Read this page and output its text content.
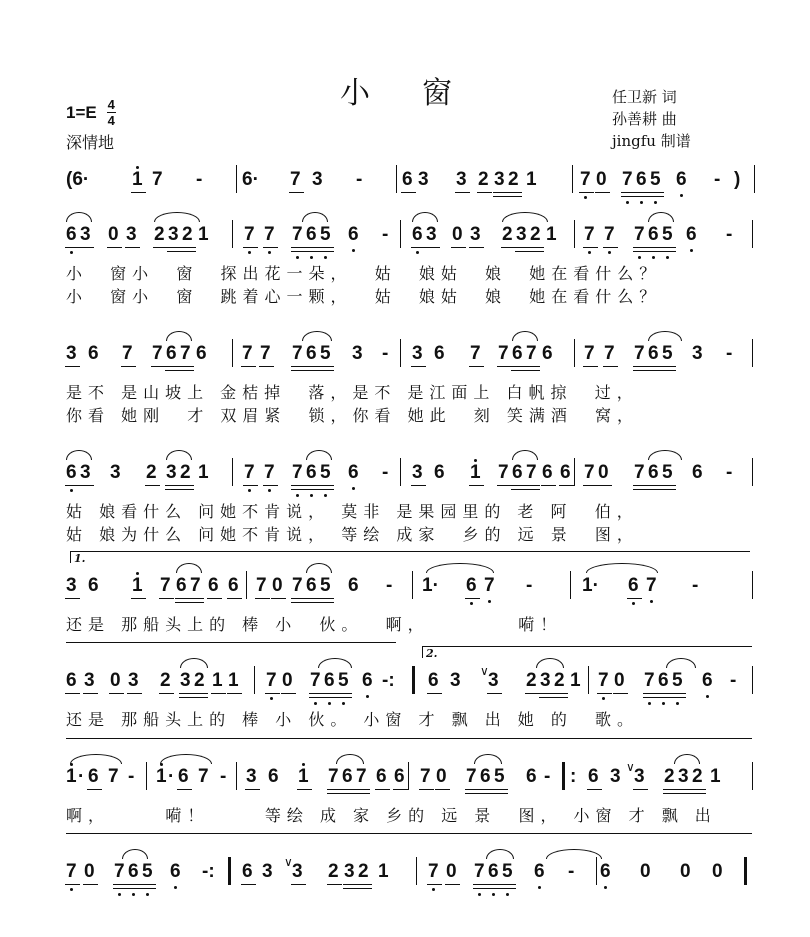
小窗
$1=E \frac{4}{4}$
深情地
任卫新 词
孙善耕 曲
jingfu 制谱
(6· 1 7 - 6· 7 3 - 6 3 3 2 3 2 1 7 0 7 6 5 6 - )
6 3 0 3 2 3 2 1 7 7 7 6 5 6 - 6 3 0 3 2 3 2 1 7 7 7 6 5 6 -
小  窗小  窗  探出花一朵，  姑  娘姑  娘  她在看什么？
小  窗小  窗  跳着心一颗，  姑  娘姑  娘  她在看什么？
3 6 7 7 6 7 6 7 7 7 6 5 3 - 3 6 7 7 6 7 6 7 7 7 6 5 3 -
是不 是山坡上 金桔掉  落，是不 是江面上 白帆掠  过，
你看 她刚  才 双眉紧  锁，你看 她此  刻 笑满酒  窝，
6 3 3 2 3 2 1 7 7 7 6 5 6 - 3 6 1 7 6 7 6 6 7 0 7 6 5 6 -
姑 娘看什么 问她不肯说， 莫非 是果园里的 老 阿  伯，
姑 娘为什么 问她不肯说， 等绘 成家  乡的 远 景  图，
1.
3 6 1 7 6 7 6 6 7 0 7 6 5 6 - 1· 6 7 -	1· 6 7 -
还是 那船头上的 棒 小  伙。  啊，        嗬！
2.
6 3 0 3 2 3 2 1 1 7 0 7 6 5 6 -: 6 3 ∨ 3 2 3 2 1 7 0 7 6 5 6 -
还是 那船头上的 棒 小 伙。 小窗 才 飘 出 她 的  歌。
1 · 6 7 - 1 · 6 7 - 3 6 1 7 6 7 6 6 7 0 7 6 5 6 - : 6 3 ∨ 3 2 3 2 1
啊，     嗬！     等绘 成 家 乡的 远 景  图， 小窗 才 飘 出
7 0 7 6 5 6 -: 6 3 ∨ 3 2 3 2 1 7 0 7 6 5 6 - 6 0 0 0
